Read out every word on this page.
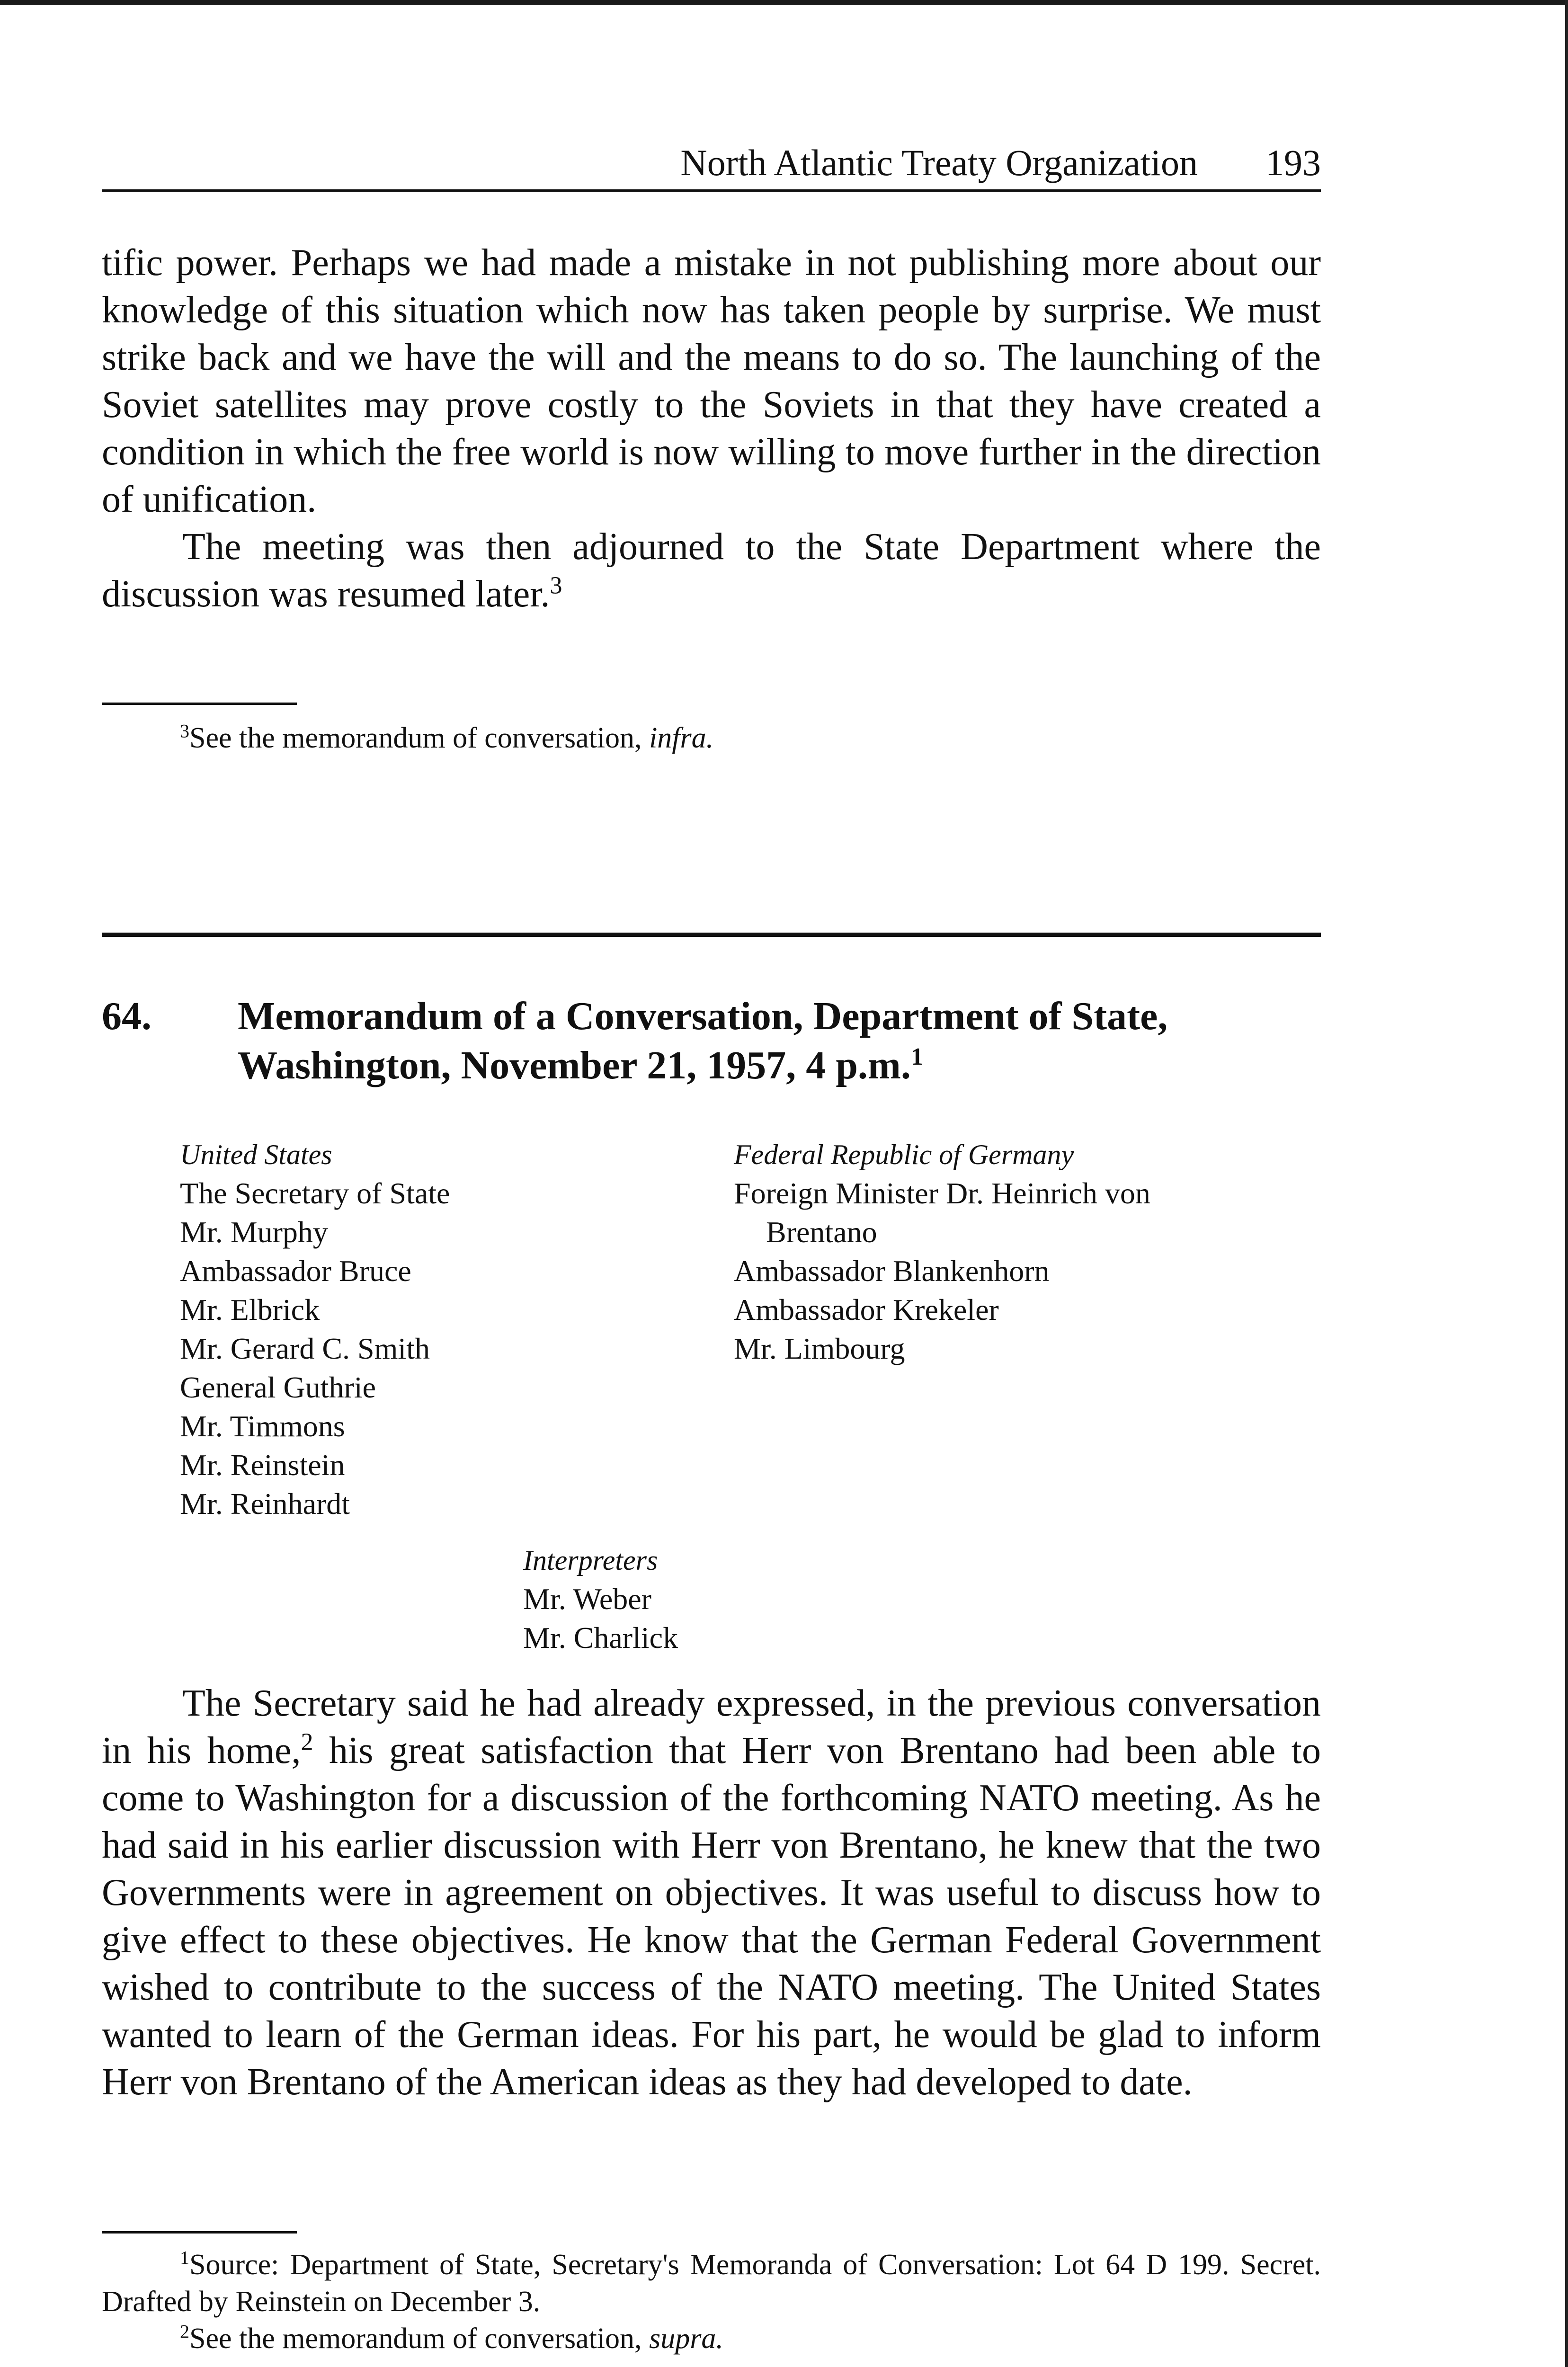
North Atlantic Treaty Organization 193

tific power. Perhaps we had made a mistake in not publishing more about our knowledge of this situation which now has taken people by surprise. We must strike back and we have the will and the means to do so. The launching of the Soviet satellites may prove costly to the Soviets in that they have created a condition in which the free world is now willing to move further in the direction of unification.

The meeting was then adjourned to the State Department where the discussion was resumed later.$^3$

$^3$See the memorandum of conversation, infra.

64. Memorandum of a Conversation, Department of State,

Washington, November 21, 1957, 4 p.m.$^1$

United States
The Secretary of State
Mr. Murphy
Ambassador Bruce
Mr. Elbrick
Mr. Gerard C. Smith
General Guthrie
Mr. Timmons
Mr. Reinstein
Mr. Reinhardt
Federal Republic of Germany
Foreign Minister Dr. Heinrich von
Brentano
Ambassador Blankenhorn
Ambassador Krekeler
Mr. Limbourg
Interpreters
Mr. Weber
Mr. Charlick

The Secretary said he had already expressed, in the previous conversation in his home,$^2$ his great satisfaction that Herr von Brentano had been able to come to Washington for a discussion of the forthcoming NATO meeting. As he had said in his earlier discussion with Herr von Brentano, he knew that the two Governments were in agreement on objectives. It was useful to discuss how to give effect to these objectives. He know that the German Federal Government wished to contribute to the success of the NATO meeting. The United States wanted to learn of the German ideas. For his part, he would be glad to inform Herr von Brentano of the American ideas as they had developed to date.

$^1$Source: Department of State, Secretary's Memoranda of Conversation: Lot 64 D 199. Secret. Drafted by Reinstein on December 3.

$^2$See the memorandum of conversation, supra.
